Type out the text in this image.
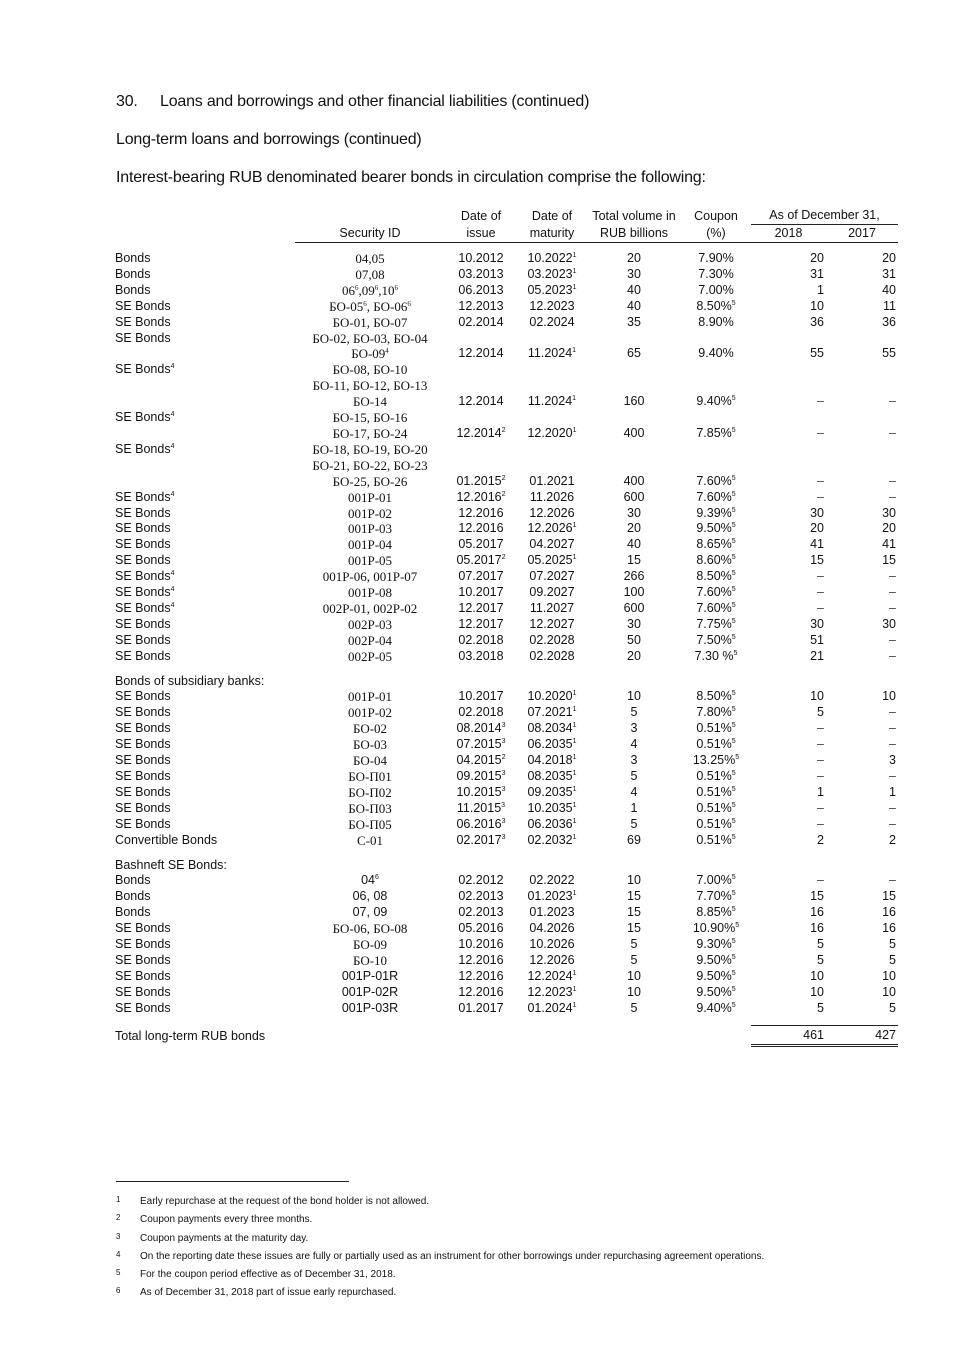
30. Loans and borrowings and other financial liabilities (continued)
Long-term loans and borrowings (continued)
Interest-bearing RUB denominated bearer bonds in circulation comprise the following:
		Date of	Date of	Total volume in	Coupon	As of December 31,	
	Security ID	issue	maturity	RUB billions	(%)	2018	2017

Bonds	04,05	10.2012	10.2022$^1$	20	7.90%	20	20
Bonds	07,08	03.2013	03.2023$^1$	30	7.30%	31	31
Bonds	$06^6,09^6,10^6$	06.2013	05.2023$^1$	40	7.00%	1	40
SE Bonds	$БО-05^6$, $БО-06^6$	12.2013	12.2023	40	8.50%$^5$	10	11
SE Bonds	БО-01, БО-07	02.2014	02.2024	35	8.90%	36	36
SE Bonds	БО-02, БО-03, БО-04						
	$БО-09^4$	12.2014	11.2024$^1$	65	9.40%	55	55
SE Bonds$^4$	БО-08, БО-10						
	БО-11, БО-12, БО-13						
	БО-14	12.2014	11.2024$^1$	160	9.40%$^5$	–	–
SE Bonds$^4$	БО-15, БО-16						
	БО-17, БО-24	12.2014$^2$	12.2020$^1$	400	7.85%$^5$	–	–
SE Bonds$^4$	БО-18, БО-19, БО-20						
	БО-21, БО-22, БО-23						
	БО-25, БО-26	01.2015$^2$	01.2021	400	7.60%$^5$	–	–
SE Bonds$^4$	001P-01	12.2016$^2$	11.2026	600	7.60%$^5$	–	–
SE Bonds	001P-02	12.2016	12.2026	30	9.39%$^5$	30	30
SE Bonds	001P-03	12.2016	12.2026$^1$	20	9.50%$^5$	20	20
SE Bonds	001P-04	05.2017	04.2027	40	8.65%$^5$	41	41
SE Bonds	001P-05	05.2017$^2$	05.2025$^1$	15	8.60%$^5$	15	15
SE Bonds$^4$	001P-06, 001P-07	07.2017	07.2027	266	8.50%$^5$	–	–
SE Bonds$^4$	001P-08	10.2017	09.2027	100	7.60%$^5$	–	–
SE Bonds$^4$	002P-01, 002P-02	12.2017	11.2027	600	7.60%$^5$	–	–
SE Bonds	002P-03	12.2017	12.2027	30	7.75%$^5$	30	30
SE Bonds	002P-04	02.2018	02.2028	50	7.50%$^5$	51	–
SE Bonds	002P-05	03.2018	02.2028	20	7.30 %$^5$	21	–

Bonds of subsidiary banks:							
SE Bonds	001P-01	10.2017	10.2020$^1$	10	8.50%$^5$	10	10
SE Bonds	001P-02	02.2018	07.2021$^1$	5	7.80%$^5$	5	–
SE Bonds	БО-02	08.2014$^3$	08.2034$^1$	3	0.51%$^5$	–	–
SE Bonds	БО-03	07.2015$^3$	06.2035$^1$	4	0.51%$^5$	–	–
SE Bonds	БО-04	04.2015$^2$	04.2018$^1$	3	13.25%$^5$	–	3
SE Bonds	БО-П01	09.2015$^3$	08.2035$^1$	5	0.51%$^5$	–	–
SE Bonds	БО-П02	10.2015$^3$	09.2035$^1$	4	0.51%$^5$	1	1
SE Bonds	БО-П03	11.2015$^3$	10.2035$^1$	1	0.51%$^5$	–	–
SE Bonds	БО-П05	06.2016$^3$	06.2036$^1$	5	0.51%$^5$	–	–
Convertible Bonds	С-01	02.2017$^3$	02.2032$^1$	69	0.51%$^5$	2	2

Bashneft SE Bonds:							
Bonds	$04^6$	02.2012	02.2022	10	7.00%$^5$	–	–
Bonds	06, 08	02.2013	01.2023$^1$	15	7.70%$^5$	15	15
Bonds	07, 09	02.2013	01.2023	15	8.85%$^5$	16	16
SE Bonds	БО-06, БО-08	05.2016	04.2026	15	10.90%$^5$	16	16
SE Bonds	БО-09	10.2016	10.2026	5	9.30%$^5$	5	5
SE Bonds	БО-10	12.2016	12.2026	5	9.50%$^5$	5	5
SE Bonds	001P-01R	12.2016	12.2024$^1$	10	9.50%$^5$	10	10
SE Bonds	001P-02R	12.2016	12.2023$^1$	10	9.50%$^5$	10	10
SE Bonds	001P-03R	01.2017	01.2024$^1$	5	9.40%$^5$	5	5

Total long-term RUB bonds						461	427
1 Early repurchase at the request of the bond holder is not allowed.
2 Coupon payments every three months.
3 Coupon payments at the maturity day.
4 On the reporting date these issues are fully or partially used as an instrument for other borrowings under repurchasing agreement operations.
5 For the coupon period effective as of December 31, 2018.
6 As of December 31, 2018 part of issue early repurchased.
